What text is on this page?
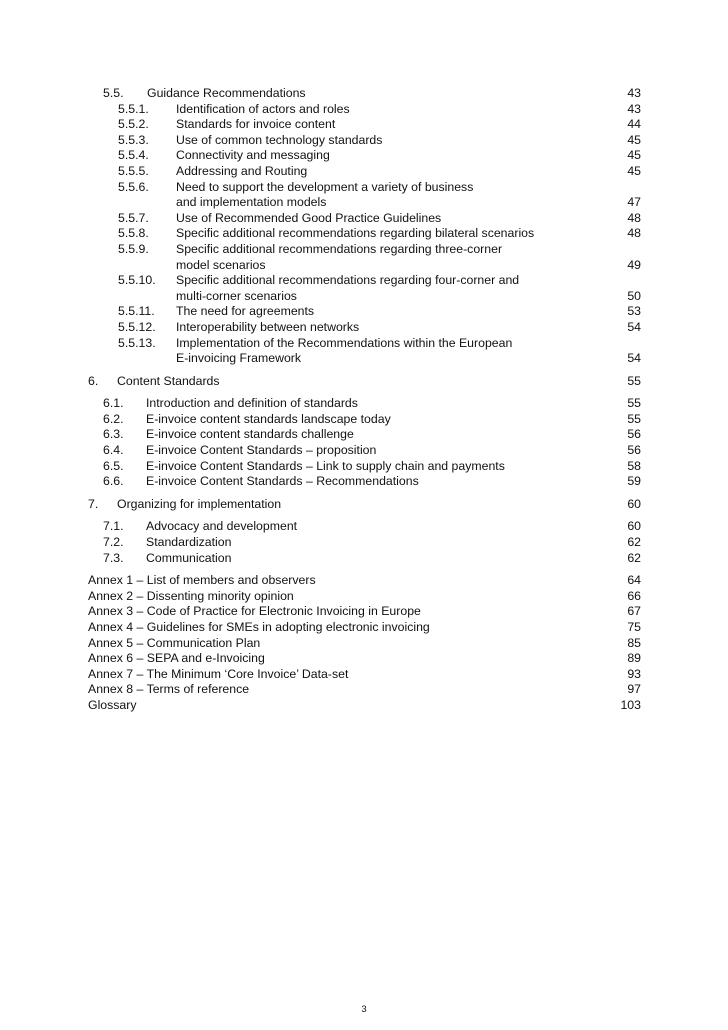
5.5.	Guidance Recommendations	43
5.5.1.	Identification of actors and roles	43
5.5.2.	Standards for invoice content	44
5.5.3.	Use of common technology standards	45
5.5.4.	Connectivity and messaging	45
5.5.5.	Addressing and Routing	45
5.5.6.	Need to support the development a variety of business
and implementation models	47
5.5.7.	Use of Recommended Good Practice Guidelines	48
5.5.8.	Specific additional recommendations regarding bilateral scenarios	48
5.5.9.	Specific additional recommendations regarding three-corner
model scenarios	49
5.5.10.	Specific additional recommendations regarding four-corner and
multi-corner scenarios	50
5.5.11.	The need for agreements	53
5.5.12.	Interoperability between networks	54
5.5.13.	Implementation of the Recommendations within the European
E-invoicing Framework	54
6.	Content Standards	55
6.1.	Introduction and definition of standards	55
6.2.	E-invoice content standards landscape today	55
6.3.	E-invoice content standards challenge	56
6.4.	E-invoice Content Standards – proposition	56
6.5.	E-invoice Content Standards – Link to supply chain and payments	58
6.6.	E-invoice Content Standards – Recommendations	59
7.	Organizing for implementation	60
7.1.	Advocacy and development	60
7.2.	Standardization	62
7.3.	Communication	62
Annex 1 – List of members and observers	64
Annex 2 – Dissenting minority opinion	66
Annex 3 – Code of Practice for Electronic Invoicing in Europe	67
Annex 4 – Guidelines for SMEs in adopting electronic invoicing	75
Annex 5 – Communication Plan	85
Annex 6 – SEPA and e-Invoicing	89
Annex 7 – The Minimum ‘Core Invoice’ Data-set	93
Annex 8 – Terms of reference	97
Glossary	103
3
